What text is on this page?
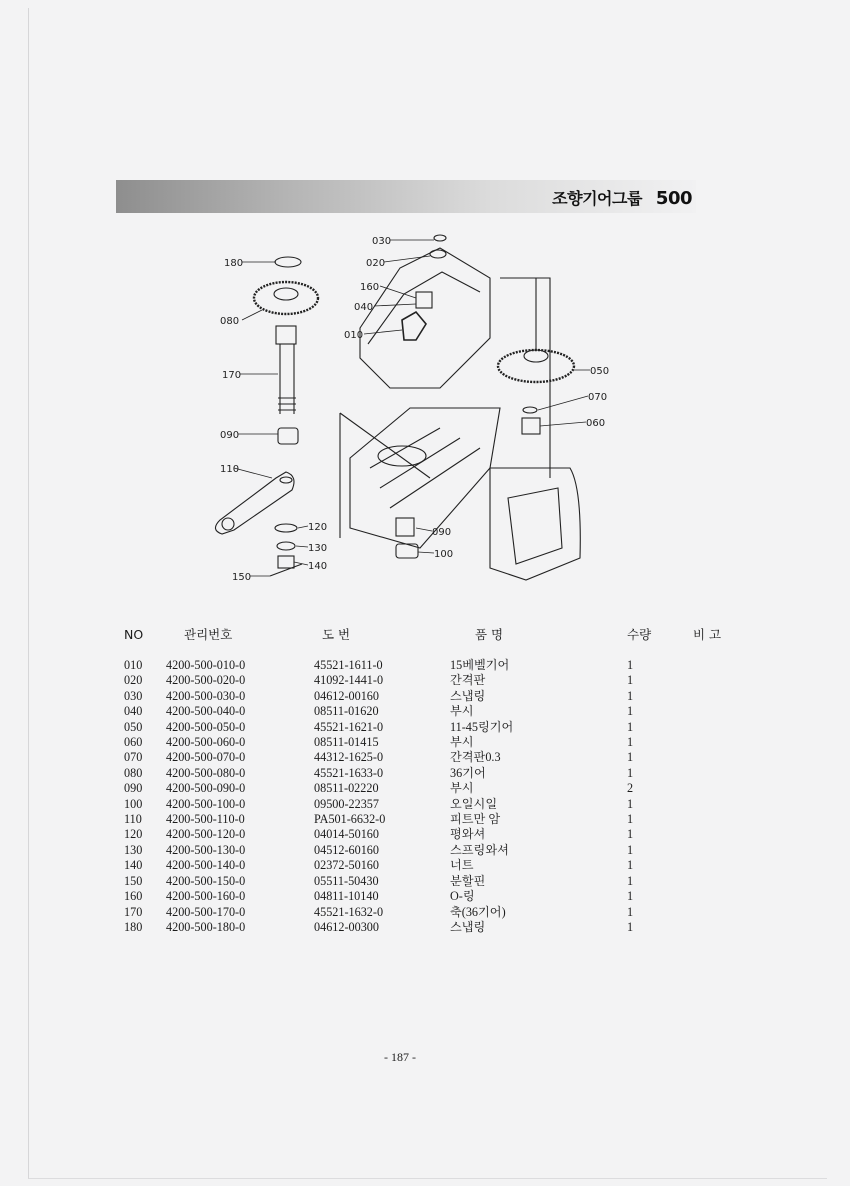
조향기어그룹 500
180
080
170
090
110
120
130
140
150
030
020
160
040
010
050
070
060
090
100
NO	관리번호	도 번	품 명	수량	비 고
010	4200-500-010-0	45521-1611-0	15베벨기어	1	
020	4200-500-020-0	41092-1441-0	간격판	1	
030	4200-500-030-0	04612-00160	스냅링	1	
040	4200-500-040-0	08511-01620	부시	1	
050	4200-500-050-0	45521-1621-0	11-45링기어	1	
060	4200-500-060-0	08511-01415	부시	1	
070	4200-500-070-0	44312-1625-0	간격판0.3	1	
080	4200-500-080-0	45521-1633-0	36기어	1	
090	4200-500-090-0	08511-02220	부시	2	
100	4200-500-100-0	09500-22357	오일시일	1	
110	4200-500-110-0	PA501-6632-0	피트만 암	1	
120	4200-500-120-0	04014-50160	평와셔	1	
130	4200-500-130-0	04512-60160	스프링와셔	1	
140	4200-500-140-0	02372-50160	너트	1	
150	4200-500-150-0	05511-50430	분할핀	1	
160	4200-500-160-0	04811-10140	O-링	1	
170	4200-500-170-0	45521-1632-0	축(36기어)	1	
180	4200-500-180-0	04612-00300	스냅링	1	
- 187 -
